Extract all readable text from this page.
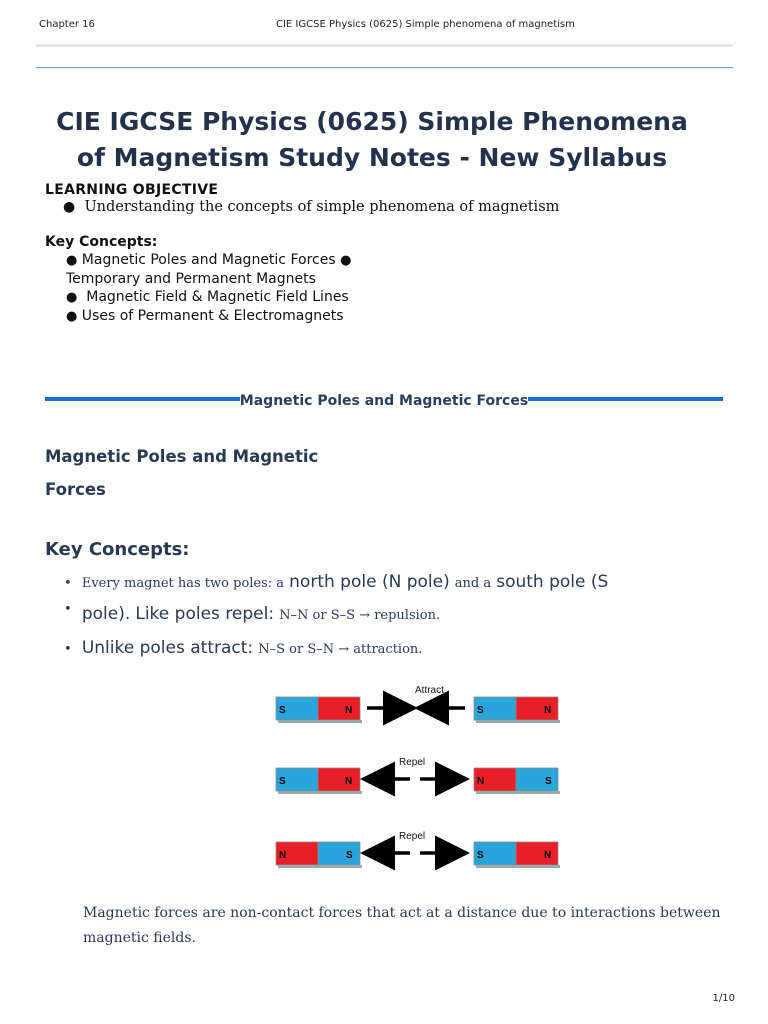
Chapter 16	CIE IGCSE Physics (0625) Simple phenomena of magnetism
CIE IGCSE Physics (0625) Simple Phenomena of Magnetism Study Notes - New Syllabus
LEARNING OBJECTIVE
● Understanding the concepts of simple phenomena of magnetism
Key Concepts:
● Magnetic Poles and Magnetic Forces ● Temporary and Permanent Magnets
● Magnetic Field & Magnetic Field Lines ● Uses of Permanent & Electromagnets
Magnetic Poles and Magnetic Forces
Magnetic Poles and Magnetic Forces
Key Concepts:
• Every magnet has two poles: a north pole (N pole) and a south pole (S
• pole). Like poles repel: N–N or S–S → repulsion.
• Unlike poles attract: N–S or S–N → attraction.
Attract
S	N	S	N
Repel
S	N	N	S
Repel
N	S	S	N
Magnetic forces are non-contact forces that act at a distance due to interactions between magnetic fields.
1/10
